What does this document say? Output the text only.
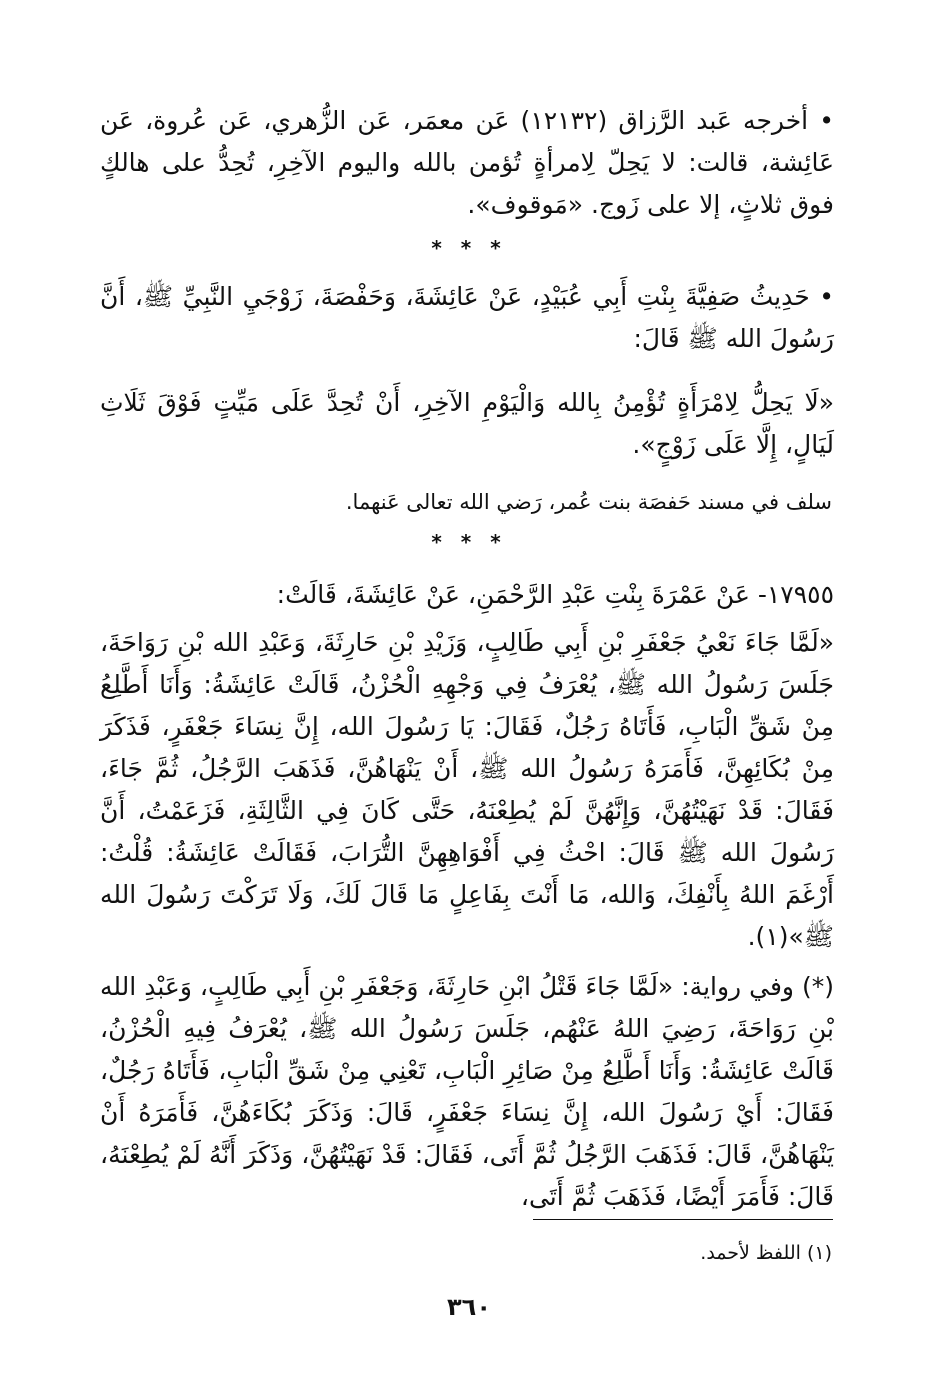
• أخرجه عَبد الرَّزاق (١٢١٣٢) عَن معمَر، عَن الزُّهري، عَن عُروة، عَن عَائِشة، قالت: لا يَحِلّ لِامرأةٍ تُؤمن بالله واليوم الآخِرِ، تُحِدُّ على هالكٍ فوق ثلاثٍ، إلا على زَوج. «مَوقوف».

* * *

• حَدِيثُ صَفِيَّةَ بِنْتِ أَبِي عُبَيْدٍ، عَنْ عَائِشَةَ، وَحَفْصَةَ، زَوْجَيِ النَّبِيِّ ﷺ، أَنَّ رَسُولَ الله ﷺ قَالَ:

«لَا يَحِلُّ لِامْرَأَةٍ تُؤْمِنُ بِالله وَالْيَوْمِ الآخِرِ، أَنْ تُحِدَّ عَلَى مَيِّتٍ فَوْقَ ثَلَاثِ لَيَالٍ، إِلَّا عَلَى زَوْجٍ».

سلف في مسند حَفصَة بنت عُمر، رَضي الله تعالى عَنهما.
* * *

١٧٩٥٥- عَنْ عَمْرَةَ بِنْتِ عَبْدِ الرَّحْمَنِ، عَنْ عَائِشَةَ، قَالَتْ:

«لَمَّا جَاءَ نَعْيُ جَعْفَرِ بْنِ أَبِي طَالِبٍ، وَزَيْدِ بْنِ حَارِثَةَ، وَعَبْدِ الله بْنِ رَوَاحَةَ، جَلَسَ رَسُولُ الله ﷺ، يُعْرَفُ فِي وَجْهِهِ الْحُزْنُ، قَالَتْ عَائِشَةُ: وَأَنَا أَطَّلِعُ مِنْ شَقِّ الْبَابِ، فَأَتَاهُ رَجُلٌ، فَقَالَ: يَا رَسُولَ الله، إِنَّ نِسَاءَ جَعْفَرٍ، فَذَكَرَ مِنْ بُكَائِهِنَّ، فَأَمَرَهُ رَسُولُ الله ﷺ، أَنْ يَنْهَاهُنَّ، فَذَهَبَ الرَّجُلُ، ثُمَّ جَاءَ، فَقَالَ: قَدْ نَهَيْتُهُنَّ، وَإِنَّهُنَّ لَمْ يُطِعْنَهُ، حَتَّى كَانَ فِي الثَّالِثَةِ، فَزَعَمْتُ، أَنَّ رَسُولَ الله ﷺ قَالَ: احْثُ فِي أَفْوَاهِهِنَّ التُّرَابَ، فَقَالَتْ عَائِشَةُ: قُلْتُ: أَرْغَمَ اللهُ بِأَنْفِكَ، وَالله، مَا أَنْتَ بِفَاعِلٍ مَا قَالَ لَكَ، وَلَا تَرَكْتَ رَسُولَ الله ﷺ»(١).

(*) وفي رواية: «لَمَّا جَاءَ قَتْلُ ابْنِ حَارِثَةَ، وَجَعْفَرِ بْنِ أَبِي طَالِبٍ، وَعَبْدِ الله بْنِ رَوَاحَةَ، رَضِيَ اللهُ عَنْهُم، جَلَسَ رَسُولُ الله ﷺ، يُعْرَفُ فِيهِ الْحُزْنُ، قَالَتْ عَائِشَةُ: وَأَنَا أَطَّلِعُ مِنْ صَائِرِ الْبَابِ، تَعْنِي مِنْ شَقِّ الْبَابِ، فَأَتَاهُ رَجُلٌ، فَقَالَ: أَيْ رَسُولَ الله، إِنَّ نِسَاءَ جَعْفَرٍ، قَالَ: وَذَكَرَ بُكَاءَهُنَّ، فَأَمَرَهُ أَنْ يَنْهَاهُنَّ، قَالَ: فَذَهَبَ الرَّجُلُ ثُمَّ أَتَى، فَقَالَ: قَدْ نَهَيْتُهُنَّ، وَذَكَرَ أَنَّهُ لَمْ يُطِعْنَهُ، قَالَ: فَأَمَرَ أَيْضًا، فَذَهَبَ ثُمَّ أَتَى،

(١) اللفظ لأحمد.
٣٦٠
